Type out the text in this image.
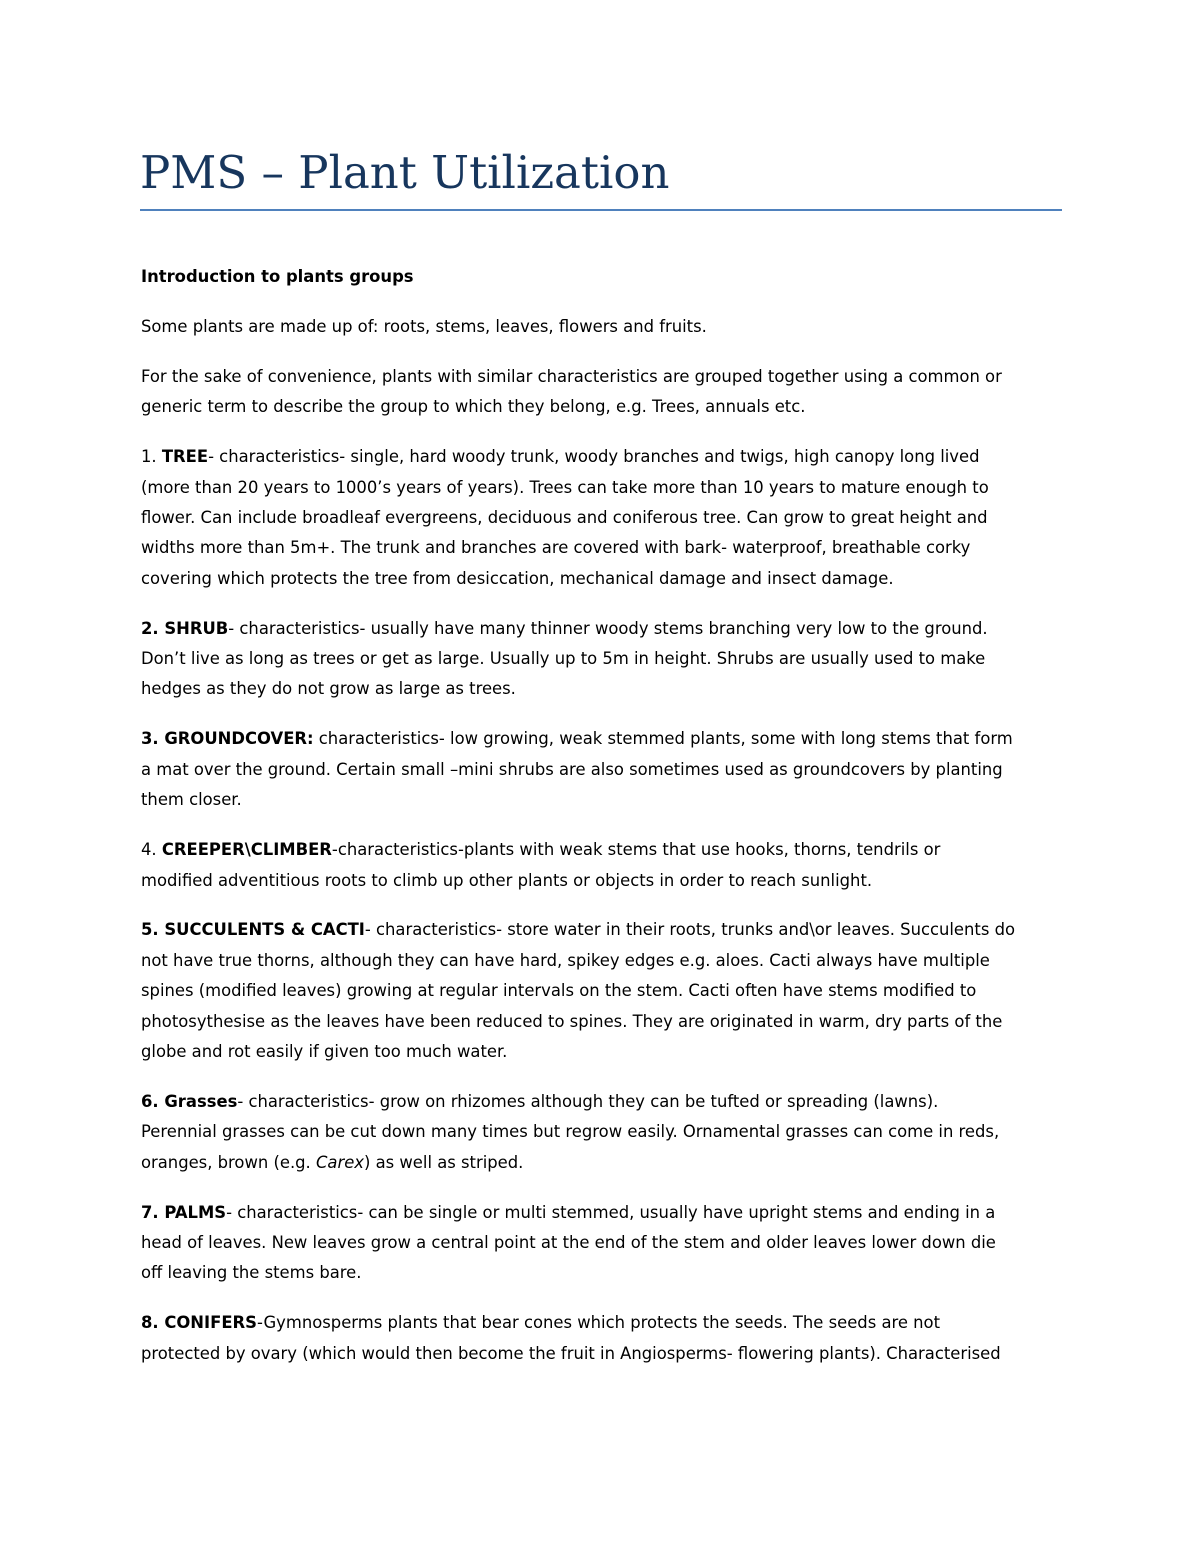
PMS – Plant Utilization

Introduction to plants groups

Some plants are made up of: roots, stems, leaves, flowers and fruits.

For the sake of convenience, plants with similar characteristics are grouped together using a common or generic term to describe the group to which they belong, e.g. Trees, annuals etc.

1. TREE- characteristics- single, hard woody trunk, woody branches and twigs, high canopy long lived
(more than 20 years to 1000’s years of years). Trees can take more than 10 years to mature enough to
flower. Can include broadleaf evergreens, deciduous and coniferous tree. Can grow to great height and
widths more than 5m+. The trunk and branches are covered with bark- waterproof, breathable corky
covering which protects the tree from desiccation, mechanical damage and insect damage.

2. SHRUB- characteristics- usually have many thinner woody stems branching very low to the ground.
Don’t live as long as trees or get as large. Usually up to 5m in height. Shrubs are usually used to make
hedges as they do not grow as large as trees.

3. GROUNDCOVER: characteristics- low growing, weak stemmed plants, some with long stems that form
a mat over the ground. Certain small –mini shrubs are also sometimes used as groundcovers by planting
them closer.

4. CREEPER\CLIMBER-characteristics-plants with weak stems that use hooks, thorns, tendrils or
modified adventitious roots to climb up other plants or objects in order to reach sunlight.

5. SUCCULENTS & CACTI- characteristics- store water in their roots, trunks and\or leaves. Succulents do
not have true thorns, although they can have hard, spikey edges e.g. aloes. Cacti always have multiple
spines (modified leaves) growing at regular intervals on the stem. Cacti often have stems modified to
photosythesise as the leaves have been reduced to spines. They are originated in warm, dry parts of the
globe and rot easily if given too much water.

6. Grasses- characteristics- grow on rhizomes although they can be tufted or spreading (lawns).
Perennial grasses can be cut down many times but regrow easily. Ornamental grasses can come in reds,
oranges, brown (e.g. Carex) as well as striped.

7. PALMS- characteristics- can be single or multi stemmed, usually have upright stems and ending in a
head of leaves. New leaves grow a central point at the end of the stem and older leaves lower down die
off leaving the stems bare.

8. CONIFERS-Gymnosperms plants that bear cones which protects the seeds. The seeds are not
protected by ovary (which would then become the fruit in Angiosperms- flowering plants). Characterised
